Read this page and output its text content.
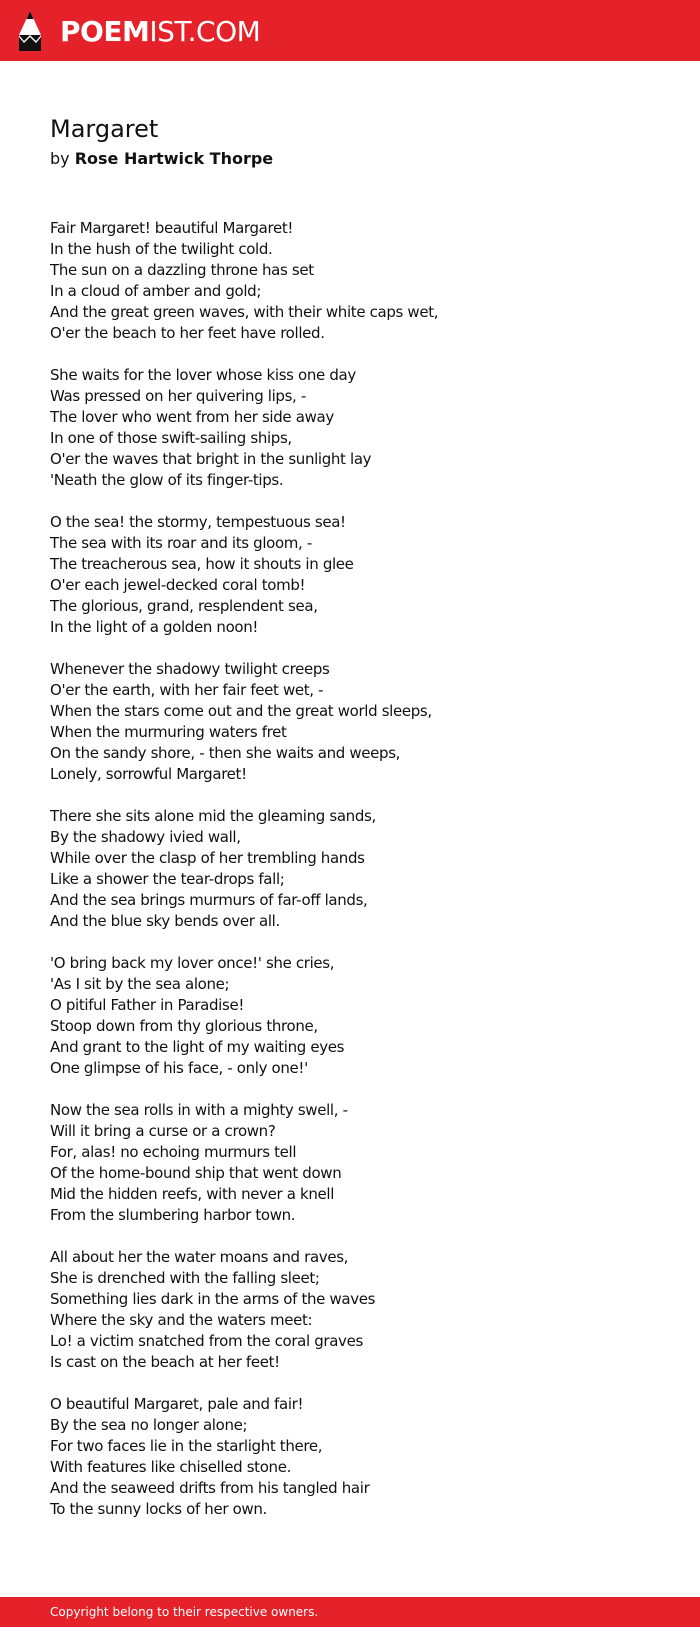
POEMIST.COM
Margaret
by Rose Hartwick Thorpe
Fair Margaret! beautiful Margaret!
In the hush of the twilight cold.
The sun on a dazzling throne has set
In a cloud of amber and gold;
And the great green waves, with their white caps wet,
O'er the beach to her feet have rolled.
She waits for the lover whose kiss one day
Was pressed on her quivering lips, -
The lover who went from her side away
In one of those swift-sailing ships,
O'er the waves that bright in the sunlight lay
'Neath the glow of its finger-tips.
O the sea! the stormy, tempestuous sea!
The sea with its roar and its gloom, -
The treacherous sea, how it shouts in glee
O'er each jewel-decked coral tomb!
The glorious, grand, resplendent sea,
In the light of a golden noon!
Whenever the shadowy twilight creeps
O'er the earth, with her fair feet wet, -
When the stars come out and the great world sleeps,
When the murmuring waters fret
On the sandy shore, - then she waits and weeps,
Lonely, sorrowful Margaret!
There she sits alone mid the gleaming sands,
By the shadowy ivied wall,
While over the clasp of her trembling hands
Like a shower the tear-drops fall;
And the sea brings murmurs of far-off lands,
And the blue sky bends over all.
'O bring back my lover once!' she cries,
'As I sit by the sea alone;
O pitiful Father in Paradise!
Stoop down from thy glorious throne,
And grant to the light of my waiting eyes
One glimpse of his face, - only one!'
Now the sea rolls in with a mighty swell, -
Will it bring a curse or a crown?
For, alas! no echoing murmurs tell
Of the home-bound ship that went down
Mid the hidden reefs, with never a knell
From the slumbering harbor town.
All about her the water moans and raves,
She is drenched with the falling sleet;
Something lies dark in the arms of the waves
Where the sky and the waters meet:
Lo! a victim snatched from the coral graves
Is cast on the beach at her feet!
O beautiful Margaret, pale and fair!
By the sea no longer alone;
For two faces lie in the starlight there,
With features like chiselled stone.
And the seaweed drifts from his tangled hair
To the sunny locks of her own.
Copyright belong to their respective owners.
